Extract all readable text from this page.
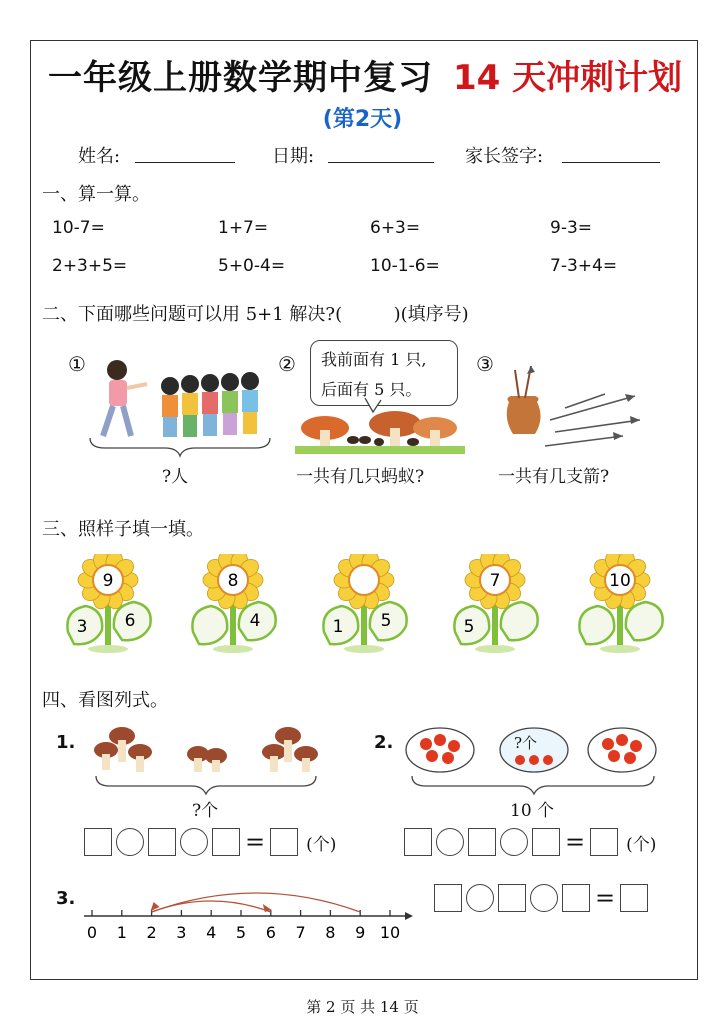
一年级上册数学期中复习 14 天冲刺计划
(第2天)
姓名:	日期:	家长签字:
一、算一算。
10-7=	1+7=	6+3=	9-3=
2+3+5=	5+0-4=	10-1-6=	7-3+4=
二、下面哪些问题可以用 5+1 解决?(         )(填序号)
①
?人
② 我前面有 1 只,
后面有 5 只。
一共有几只蚂蚁?
③
一共有几支箭?
三、照样子填一填。
9
3 6
8
4	1 5
7
5
10
四、看图列式。
1.
?个
= (个)
2.	?个
10 个
= (个)
3.
0 1 2 3 4 5 6 7 8 9 10
=
第 2 页 共 14 页
